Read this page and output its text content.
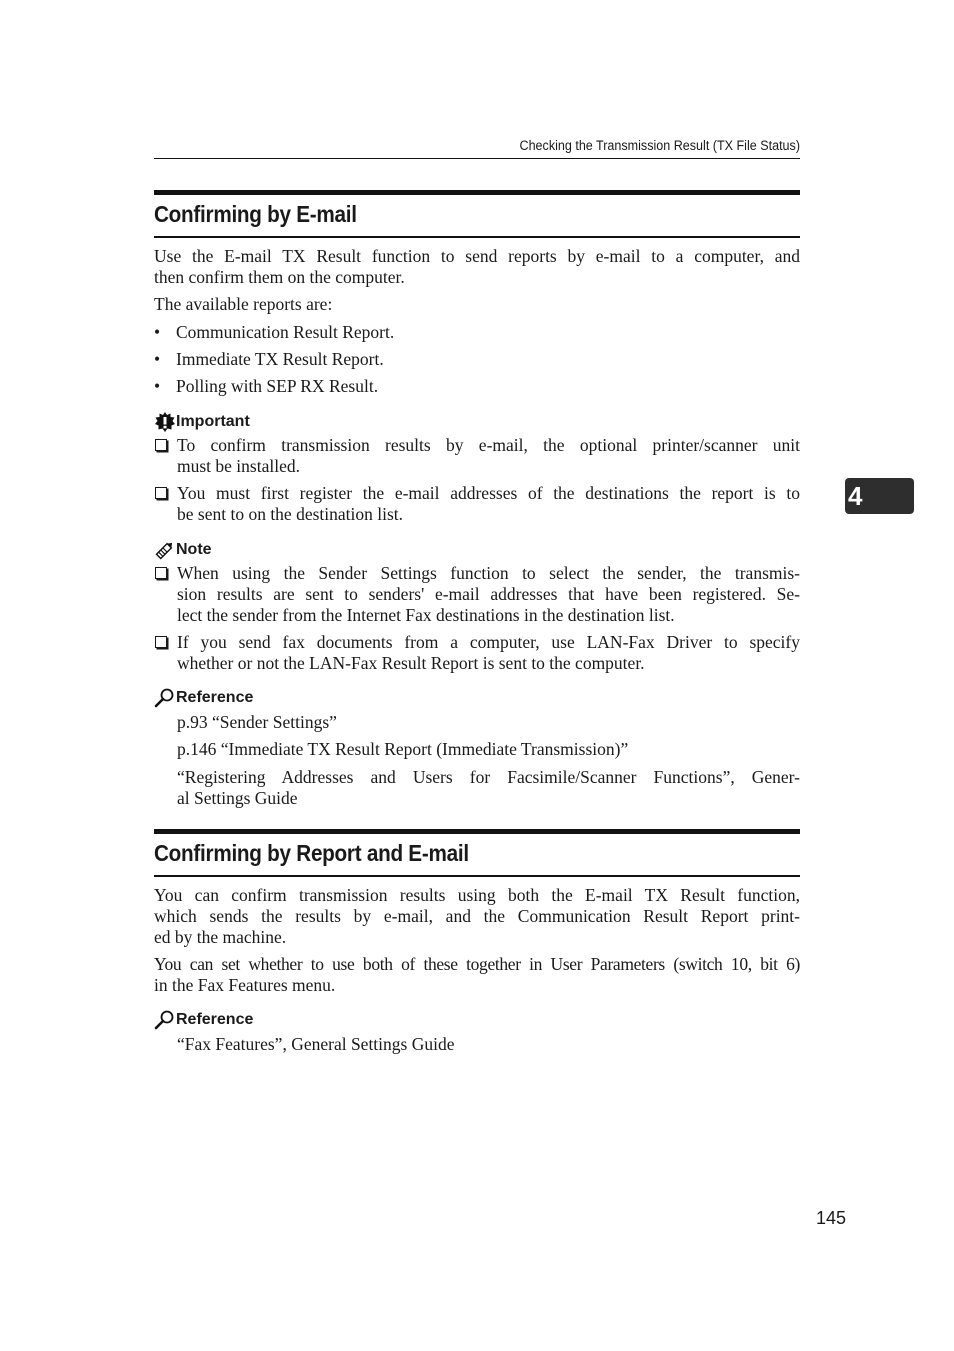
Checking the Transmission Result (TX File Status)
4
Confirming by E-mail
Use the E-mail TX Result function to send reports by e-mail to a computer, and
then confirm them on the computer.
The available reports are:
• Communication Result Report.
• Immediate TX Result Report.
• Polling with SEP RX Result.
Important
To confirm transmission results by e-mail, the optional printer/scanner unit
must be installed.
You must first register the e-mail addresses of the destinations the report is to
be sent to on the destination list.
Note
When using the Sender Settings function to select the sender, the transmis-
sion results are sent to senders' e-mail addresses that have been registered. Se-
lect the sender from the Internet Fax destinations in the destination list.
If you send fax documents from a computer, use LAN-Fax Driver to specify
whether or not the LAN-Fax Result Report is sent to the computer.
Reference
p.93 “Sender Settings”
p.146 “Immediate TX Result Report (Immediate Transmission)”
“Registering Addresses and Users for Facsimile/Scanner Functions”, Gener-
al Settings Guide
Confirming by Report and E-mail
You can confirm transmission results using both the E-mail TX Result function,
which sends the results by e-mail, and the Communication Result Report print-
ed by the machine.
You can set whether to use both of these together in User Parameters (switch 10, bit 6)
in the Fax Features menu.
Reference
“Fax Features”, General Settings Guide
145
